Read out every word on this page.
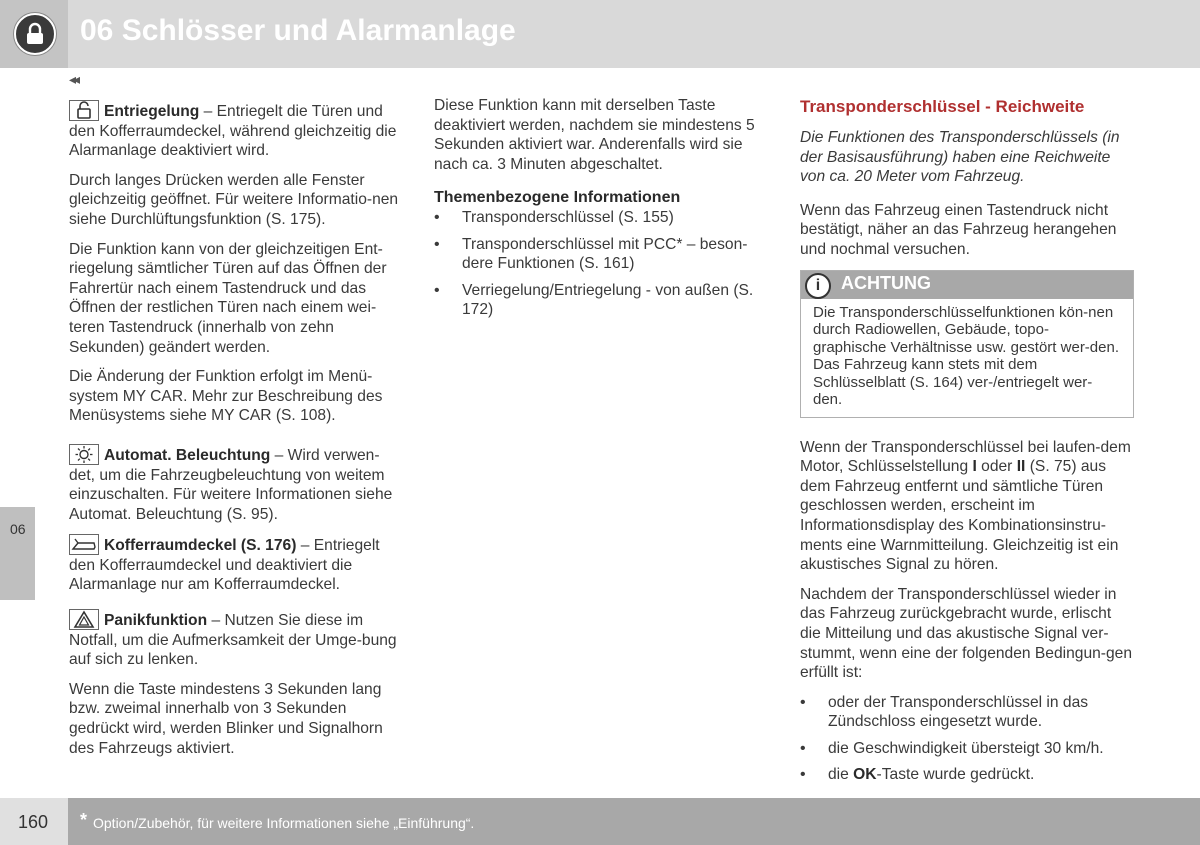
06 Schlösser und Alarmanlage
◂◂
06

Entriegelung – Entriegelt die Türen und den Kofferraumdeckel, während gleichzeitig die Alarmanlage deaktiviert wird.

Durch langes Drücken werden alle Fenster gleichzeitig geöffnet. Für weitere Informatio-nen siehe Durchlüftungsfunktion (S. 175).

Die Funktion kann von der gleichzeitigen Ent-riegelung sämtlicher Türen auf das Öffnen der Fahrertür nach einem Tastendruck und das Öffnen der restlichen Türen nach einem wei-teren Tastendruck (innerhalb von zehn Sekunden) geändert werden.

Die Änderung der Funktion erfolgt im Menü-system MY CAR. Mehr zur Beschreibung des Menüsystems siehe MY CAR (S. 108).

Automat. Beleuchtung – Wird verwen-det, um die Fahrzeugbeleuchtung von weitem einzuschalten. Für weitere Informationen siehe Automat. Beleuchtung (S. 95).

Kofferraumdeckel (S. 176) – Entriegelt den Kofferraumdeckel und deaktiviert die Alarmanlage nur am Kofferraumdeckel.

Panikfunktion – Nutzen Sie diese im Notfall, um die Aufmerksamkeit der Umge-bung auf sich zu lenken.

Wenn die Taste mindestens 3 Sekunden lang bzw. zweimal innerhalb von 3 Sekunden gedrückt wird, werden Blinker und Signalhorn des Fahrzeugs aktiviert.

Diese Funktion kann mit derselben Taste deaktiviert werden, nachdem sie mindestens 5 Sekunden aktiviert war. Anderenfalls wird sie nach ca. 3 Minuten abgeschaltet.

Themenbezogene Informationen
• Transponderschlüssel (S. 155)
• Transponderschlüssel mit PCC* – beson-dere Funktionen (S. 161)
• Verriegelung/Entriegelung - von außen (S. 172)

Transponderschlüssel - Reichweite

Die Funktionen des Transponderschlüssels (in der Basisausführung) haben eine Reichweite von ca. 20 Meter vom Fahrzeug.

Wenn das Fahrzeug einen Tastendruck nicht bestätigt, näher an das Fahrzeug herangehen und nochmal versuchen.

i	ACHTUNG
Die Transponderschlüsselfunktionen kön-nen durch Radiowellen, Gebäude, topo-graphische Verhältnisse usw. gestört wer-den. Das Fahrzeug kann stets mit dem Schlüsselblatt (S. 164) ver-/entriegelt wer-den.

Wenn der Transponderschlüssel bei laufen-dem Motor, Schlüsselstellung I oder II (S. 75) aus dem Fahrzeug entfernt und sämtliche Türen geschlossen werden, erscheint im Informationsdisplay des Kombinationsinstru-ments eine Warnmitteilung. Gleichzeitig ist ein akustisches Signal zu hören.

Nachdem der Transponderschlüssel wieder in das Fahrzeug zurückgebracht wurde, erlischt die Mitteilung und das akustische Signal ver-stummt, wenn eine der folgenden Bedingun-gen erfüllt ist:

• oder der Transponderschlüssel in das Zündschloss eingesetzt wurde.
• die Geschwindigkeit übersteigt 30 km/h.
• die OK-Taste wurde gedrückt.
160 * Option/Zubehör, für weitere Informationen siehe „Einführung“.
